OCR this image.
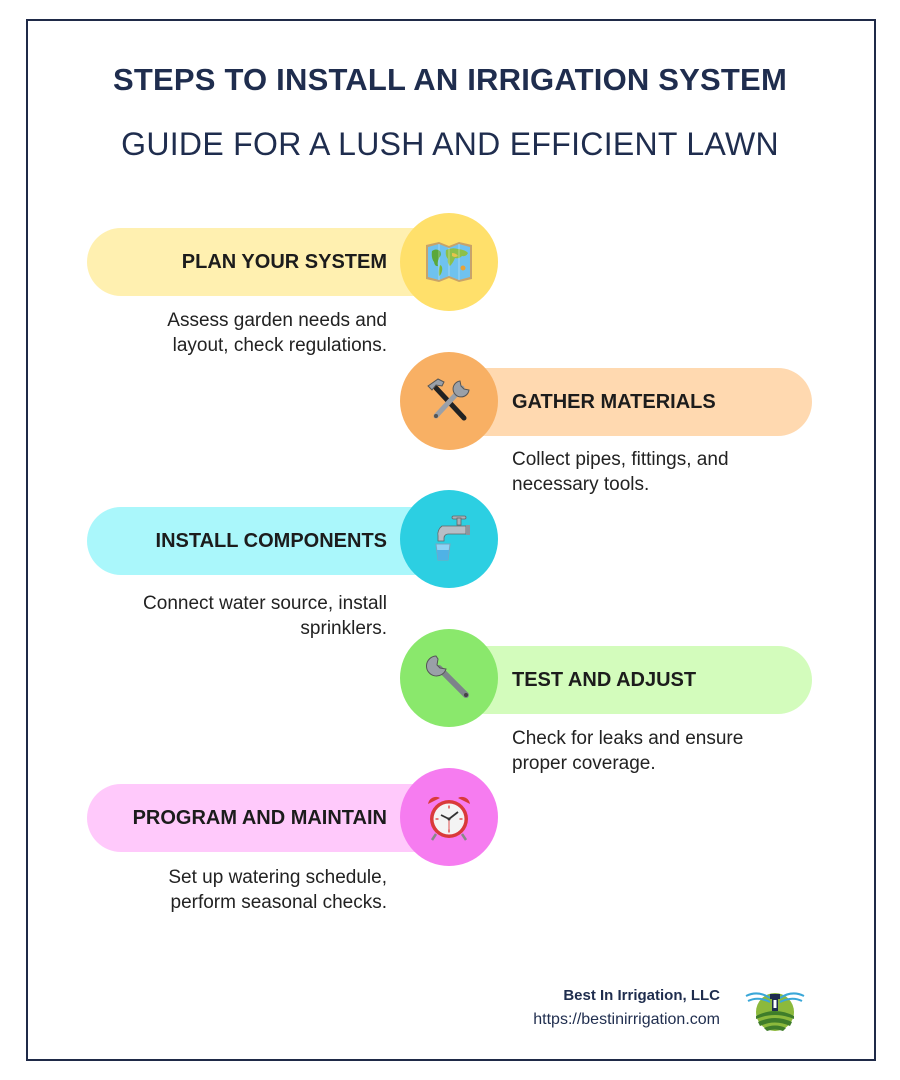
STEPS TO INSTALL AN IRRIGATION SYSTEM
GUIDE FOR A LUSH AND EFFICIENT LAWN
PLAN YOUR SYSTEM
Assess garden needs and
layout, check regulations.
GATHER MATERIALS
Collect pipes, fittings, and
necessary tools.
INSTALL COMPONENTS
Connect water source, install
sprinklers.
TEST AND ADJUST
Check for leaks and ensure
proper coverage.
PROGRAM AND MAINTAIN
Set up watering schedule,
perform seasonal checks.
Best In Irrigation, LLC
https://bestinirrigation.com
